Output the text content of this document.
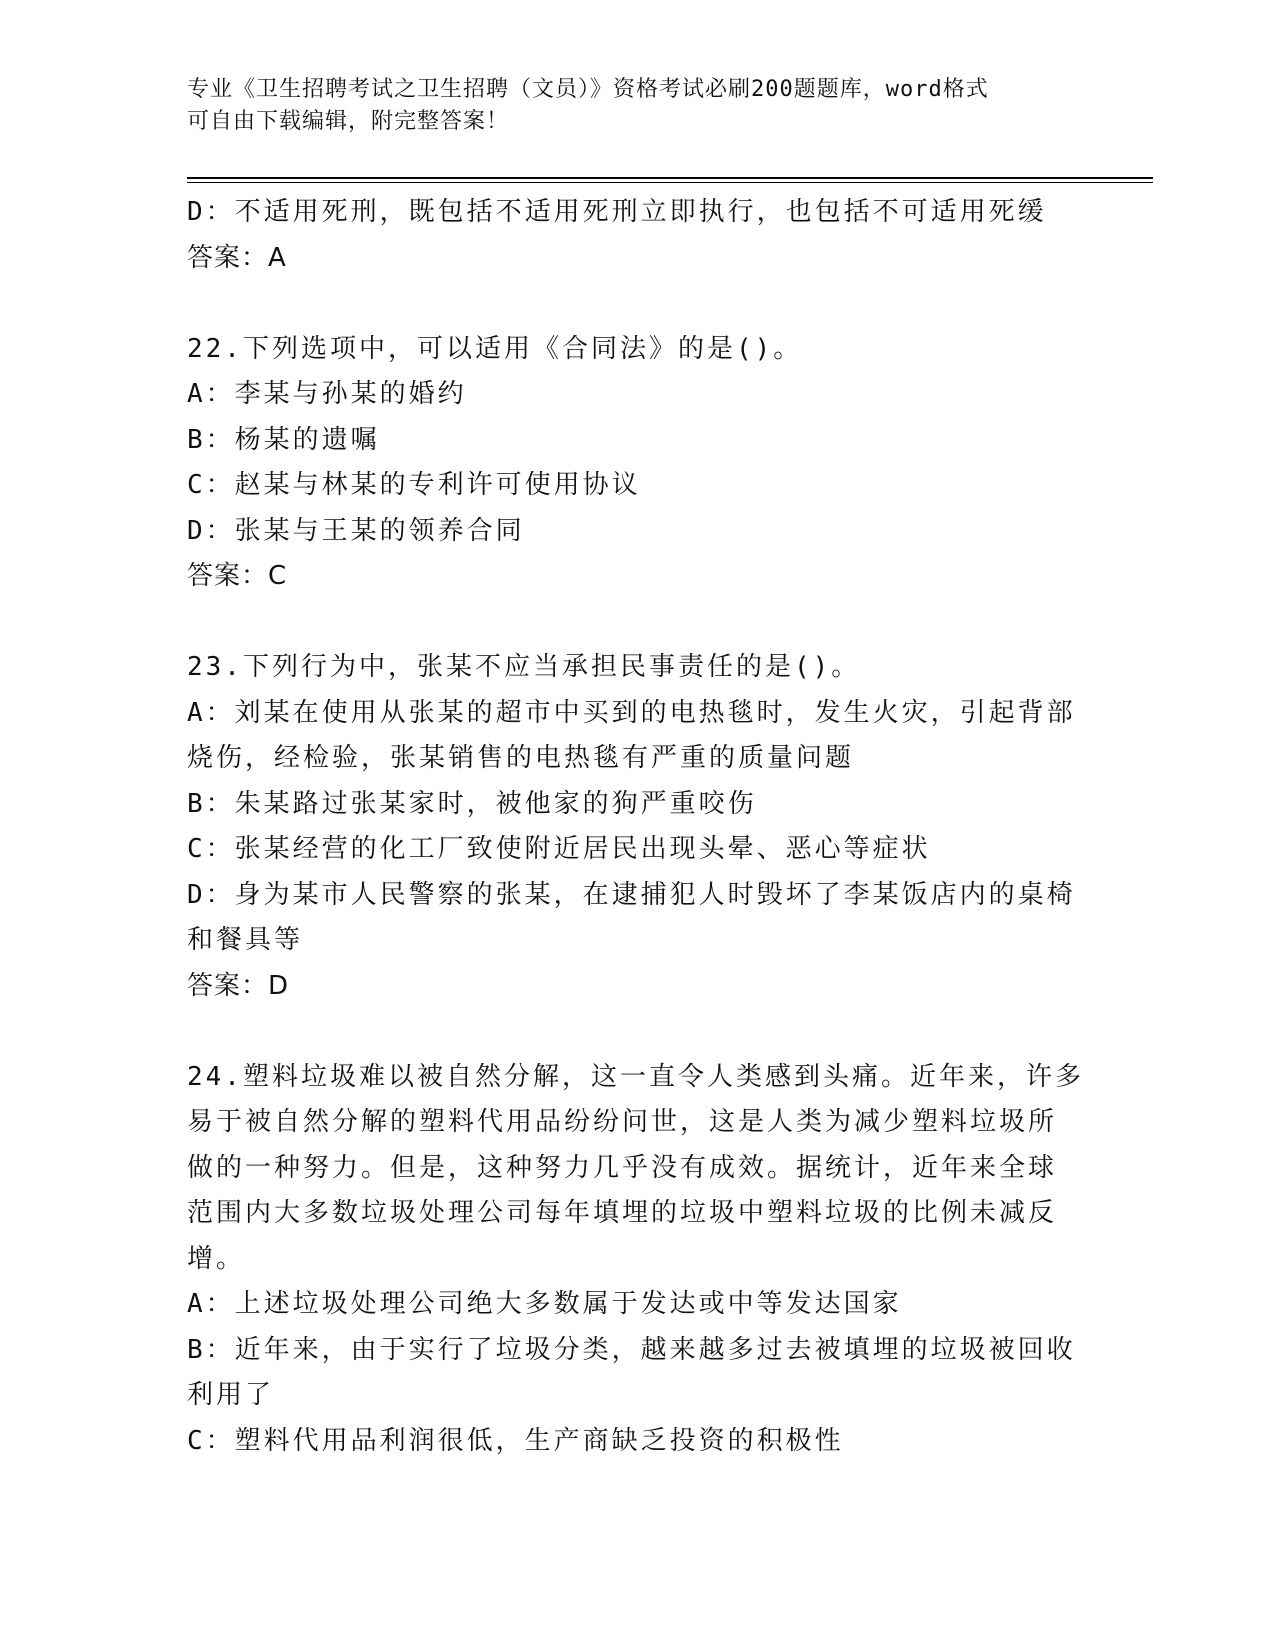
专业《卫生招聘考试之卫生招聘（文员）》资格考试必刷200题题库，word格式
可自由下载编辑，附完整答案！
D：不适用死刑，既包括不适用死刑立即执行，也包括不可适用死缓
答案：A
22.下列选项中，可以适用《合同法》的是()。
A：李某与孙某的婚约
B：杨某的遗嘱
C：赵某与林某的专利许可使用协议
D：张某与王某的领养合同
答案：C
23.下列行为中，张某不应当承担民事责任的是()。
A：刘某在使用从张某的超市中买到的电热毯时，发生火灾，引起背部
烧伤，经检验，张某销售的电热毯有严重的质量问题
B：朱某路过张某家时，被他家的狗严重咬伤
C：张某经营的化工厂致使附近居民出现头晕、恶心等症状
D：身为某市人民警察的张某，在逮捕犯人时毁坏了李某饭店内的桌椅
和餐具等
答案：D
24.塑料垃圾难以被自然分解，这一直令人类感到头痛。近年来，许多
易于被自然分解的塑料代用品纷纷问世，这是人类为减少塑料垃圾所
做的一种努力。但是，这种努力几乎没有成效。据统计，近年来全球
范围内大多数垃圾处理公司每年填埋的垃圾中塑料垃圾的比例未减反
增。
A：上述垃圾处理公司绝大多数属于发达或中等发达国家
B：近年来，由于实行了垃圾分类，越来越多过去被填埋的垃圾被回收
利用了
C：塑料代用品利润很低，生产商缺乏投资的积极性
